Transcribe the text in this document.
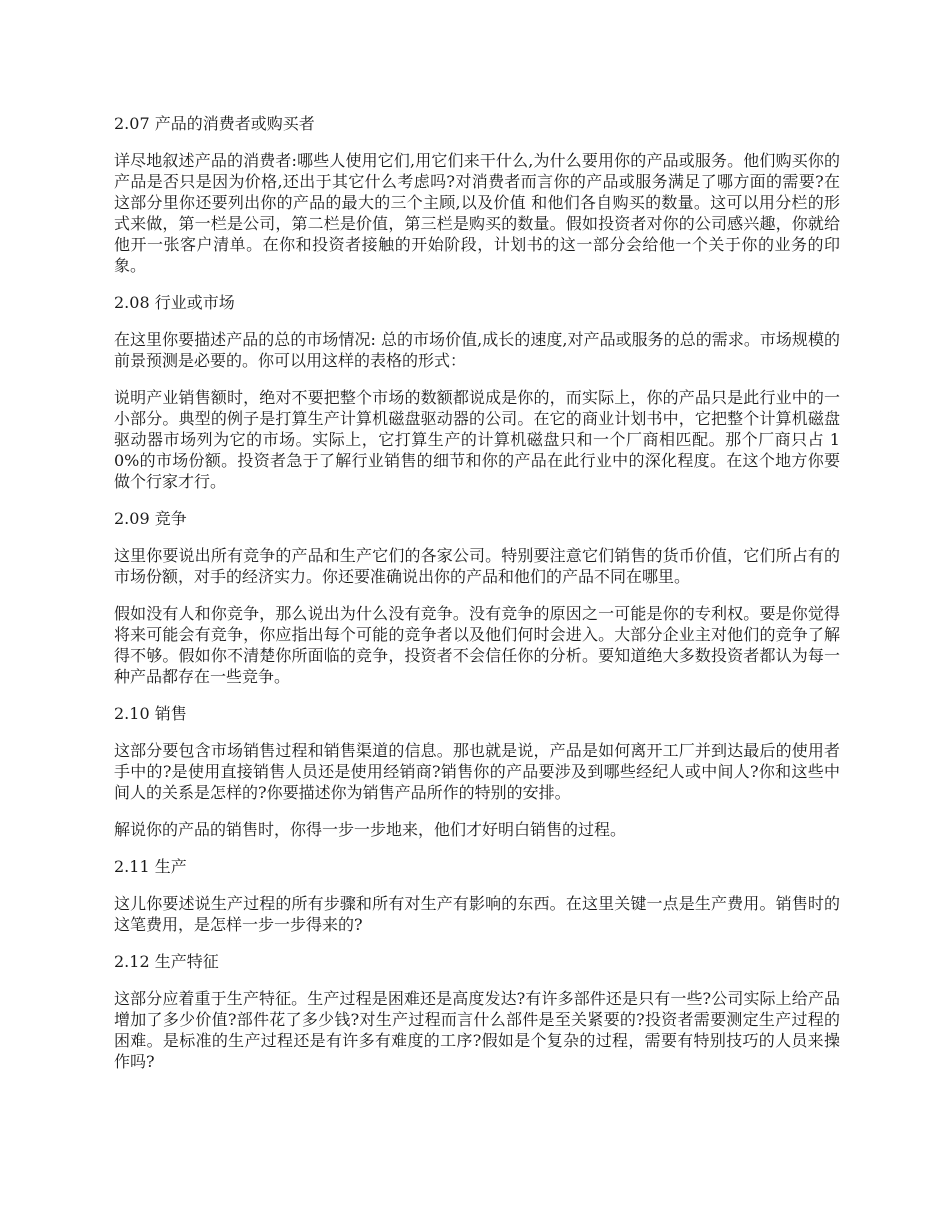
2.07 产品的消费者或购买者

详尽地叙述产品的消费者:哪些人使用它们,用它们来干什么,为什么要用你的产品或服务。他们购买你的产品是否只是因为价格,还出于其它什么考虑吗?对消费者而言你的产品或服务满足了哪方面的需要?在这部分里你还要列出你的产品的最大的三个主顾,以及价值 和他们各自购买的数量。这可以用分栏的形式来做，第一栏是公司，第二栏是价值，第三栏是购买的数量。假如投资者对你的公司感兴趣，你就给他开一张客户清单。在你和投资者接触的开始阶段，计划书的这一部分会给他一个关于你的业务的印象。

2.08 行业或市场

在这里你要描述产品的总的市场情况: 总的市场价值,成长的速度,对产品或服务的总的需求。市场规模的前景预测是必要的。你可以用这样的表格的形式：

说明产业销售额时，绝对不要把整个市场的数额都说成是你的，而实际上，你的产品只是此行业中的一小部分。典型的例子是打算生产计算机磁盘驱动器的公司。在它的商业计划书中，它把整个计算机磁盘驱动器市场列为它的市场。实际上，它打算生产的计算机磁盘只和一个厂商相匹配。那个厂商只占 10%的市场份额。投资者急于了解行业销售的细节和你的产品在此行业中的深化程度。在这个地方你要做个行家才行。

2.09 竞争

这里你要说出所有竞争的产品和生产它们的各家公司。特别要注意它们销售的货币价值，它们所占有的市场份额，对手的经济实力。你还要准确说出你的产品和他们的产品不同在哪里。

假如没有人和你竞争，那么说出为什么没有竞争。没有竞争的原因之一可能是你的专利权。要是你觉得将来可能会有竞争，你应指出每个可能的竞争者以及他们何时会进入。大部分企业主对他们的竞争了解得不够。假如你不清楚你所面临的竞争，投资者不会信任你的分析。要知道绝大多数投资者都认为每一种产品都存在一些竞争。

2.10 销售

这部分要包含市场销售过程和销售渠道的信息。那也就是说，产品是如何离开工厂并到达最后的使用者手中的?是使用直接销售人员还是使用经销商?销售你的产品要涉及到哪些经纪人或中间人?你和这些中间人的关系是怎样的?你要描述你为销售产品所作的特别的安排。

解说你的产品的销售时，你得一步一步地来，他们才好明白销售的过程。

2.11 生产

这儿你要述说生产过程的所有步骤和所有对生产有影响的东西。在这里关键一点是生产费用。销售时的这笔费用，是怎样一步一步得来的?

2.12 生产特征

这部分应着重于生产特征。生产过程是困难还是高度发达?有许多部件还是只有一些?公司实际上给产品增加了多少价值?部件花了多少钱?对生产过程而言什么部件是至关紧要的?投资者需要测定生产过程的困难。是标准的生产过程还是有许多有难度的工序?假如是个复杂的过程，需要有特别技巧的人员来操作吗?
